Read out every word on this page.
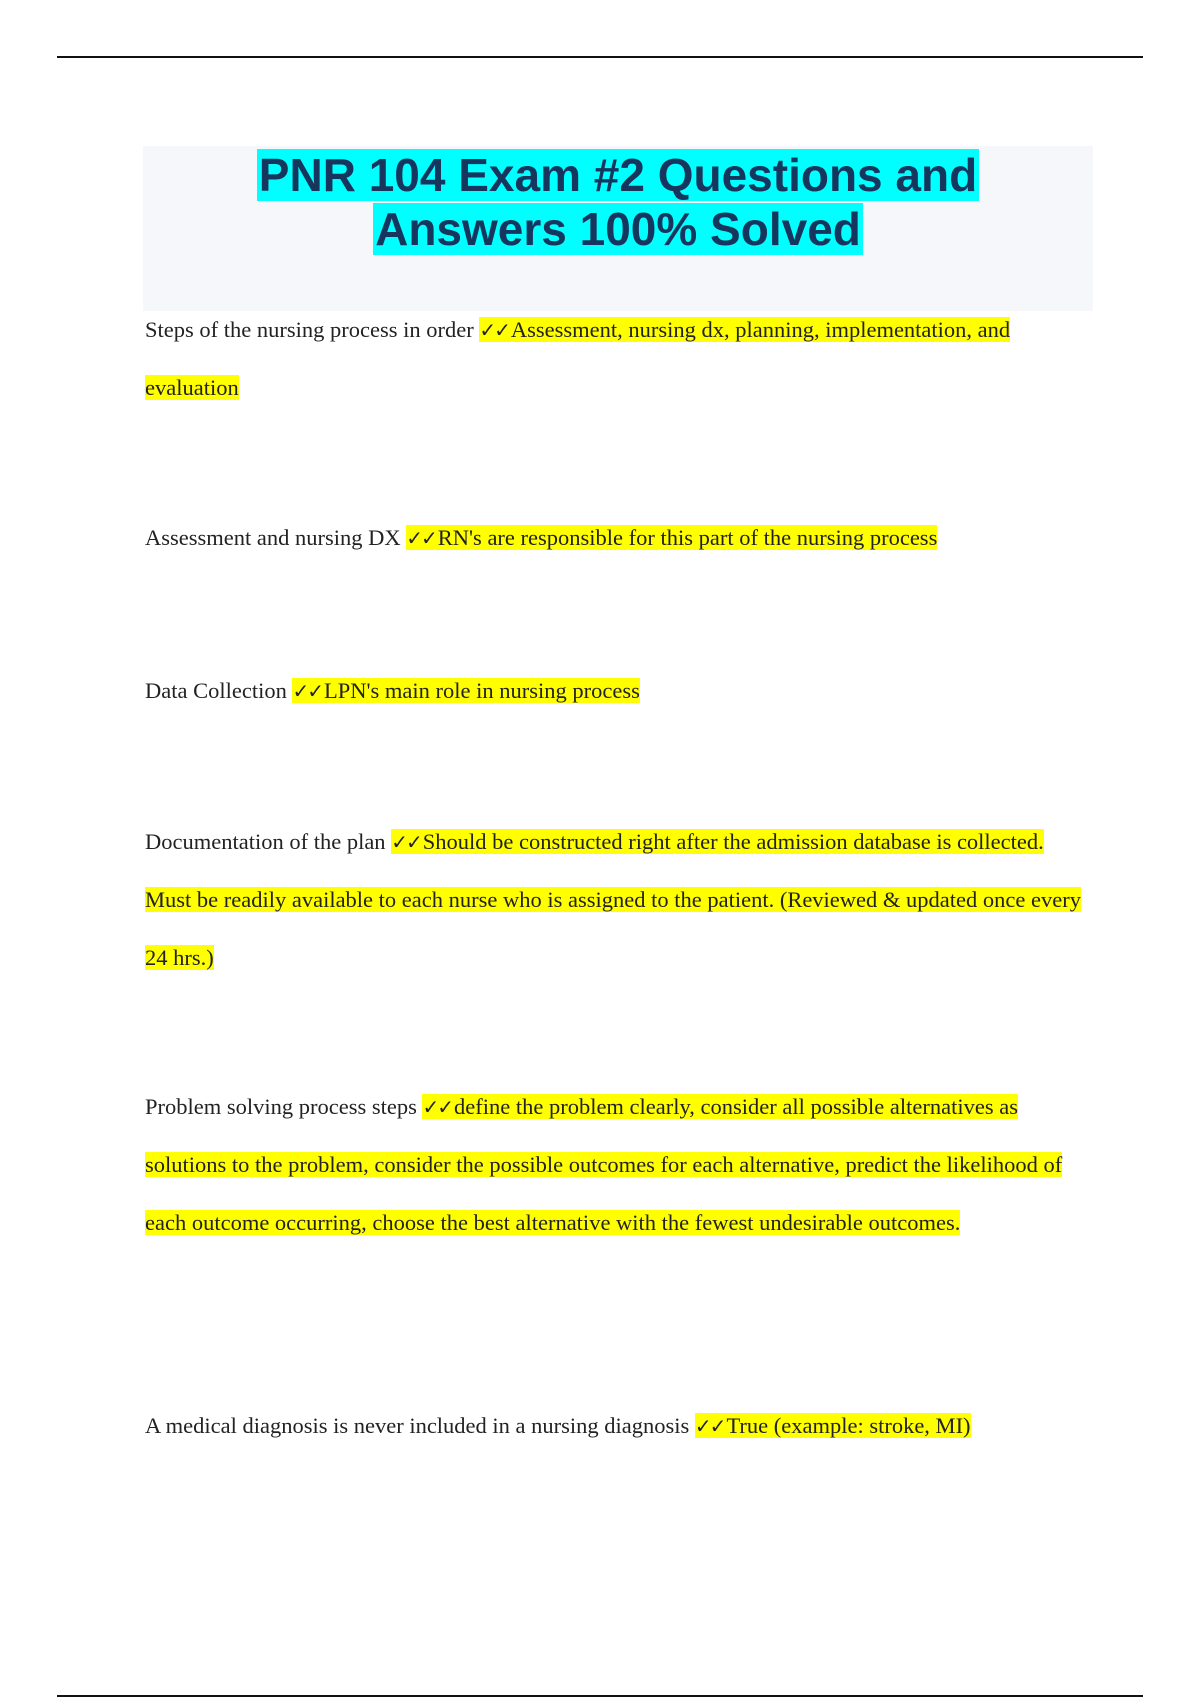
PNR 104 Exam #2 Questions and
Answers 100% Solved

Steps of the nursing process in order ✓✓Assessment, nursing dx, planning, implementation, and evaluation

Assessment and nursing DX ✓✓RN's are responsible for this part of the nursing process

Data Collection ✓✓LPN's main role in nursing process

Documentation of the plan ✓✓Should be constructed right after the admission database is collected. Must be readily available to each nurse who is assigned to the patient. (Reviewed & updated once every 24 hrs.)

Problem solving process steps ✓✓define the problem clearly, consider all possible alternatives as solutions to the problem, consider the possible outcomes for each alternative, predict the likelihood of each outcome occurring, choose the best alternative with the fewest undesirable outcomes.

A medical diagnosis is never included in a nursing diagnosis ✓✓True (example: stroke, MI)
